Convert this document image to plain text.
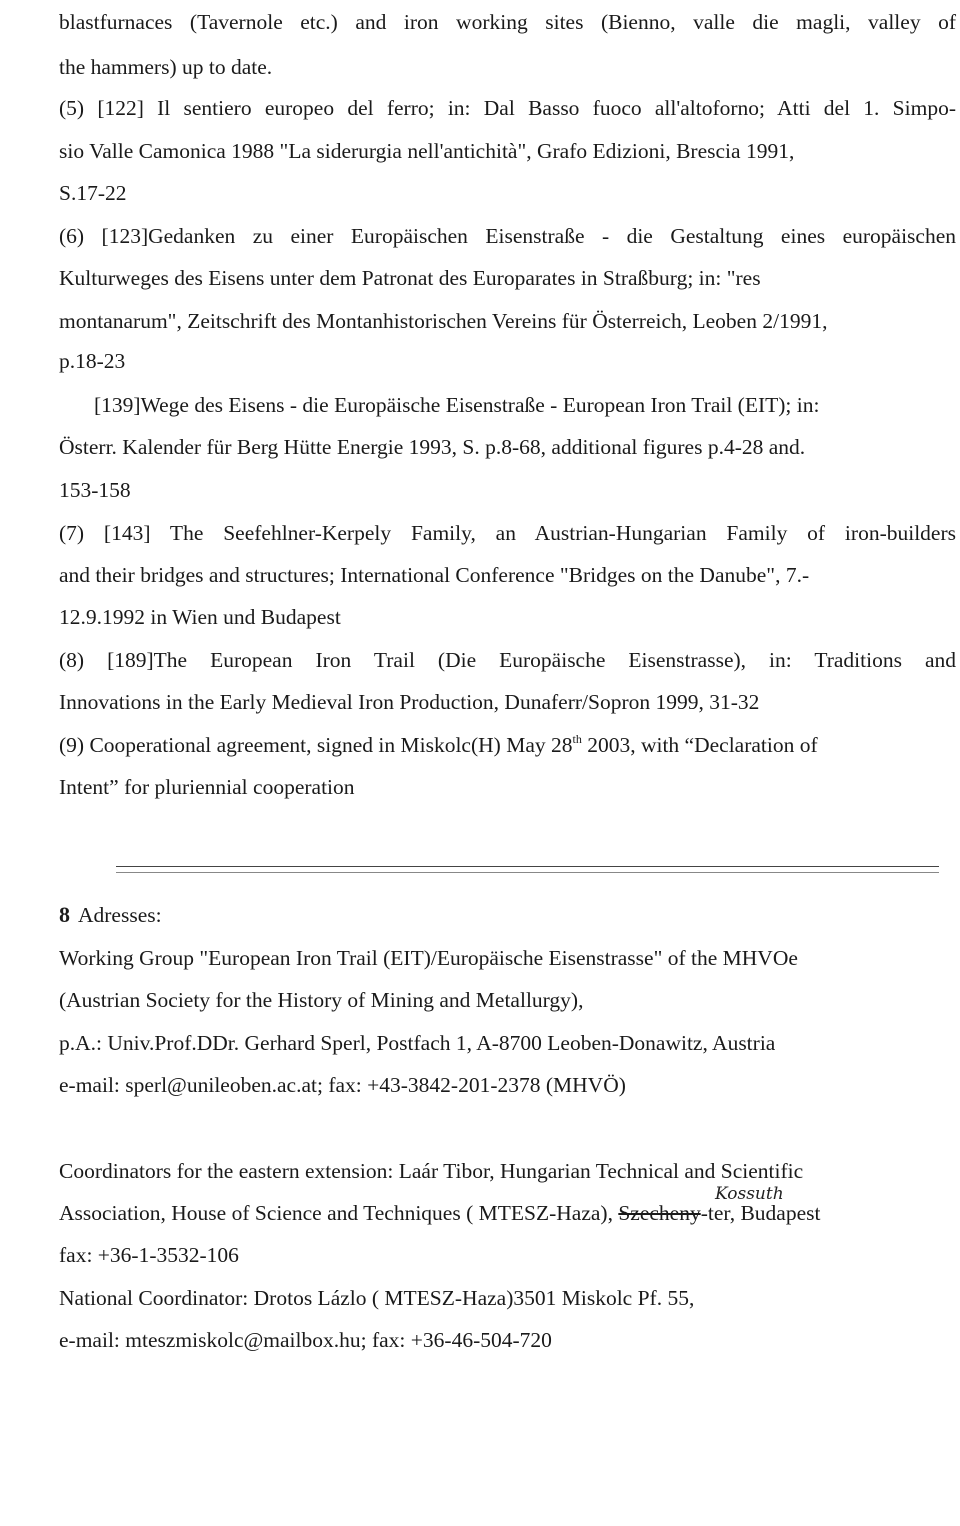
blastfurnaces (Tavernole etc.) and iron working sites (Bienno, valle die magli, valley of
the hammers) up to date.
(5) [122] Il sentiero europeo del ferro; in: Dal Basso fuoco all'altoforno; Atti del 1. Simpo-
sio Valle Camonica 1988 "La siderurgia nell'antichità", Grafo Edizioni, Brescia 1991,
S.17-22
(6) [123]Gedanken zu einer Europäischen Eisenstraße - die Gestaltung eines europäischen
Kulturweges des Eisens unter dem Patronat des Europarates in Straßburg; in: "res
montanarum", Zeitschrift des Montanhistorischen Vereins für Österreich, Leoben 2/1991,
p.18-23
[139]Wege des Eisens - die Europäische Eisenstraße - European Iron Trail (EIT); in:
Österr. Kalender für Berg Hütte Energie 1993, S. p.8-68, additional figures p.4-28 and.
153-158
(7) [143] The Seefehlner-Kerpely Family, an Austrian-Hungarian Family of iron-builders
and their bridges and structures; International Conference "Bridges on the Danube", 7.-
12.9.1992 in Wien und Budapest
(8) [189]The European Iron Trail (Die Europäische Eisenstrasse), in: Traditions and
Innovations in the Early Medieval Iron Production, Dunaferr/Sopron 1999, 31-32
(9) Cooperational agreement, signed in Miskolc(H) May 28th 2003, with “Declaration of
Intent” for pluriennial cooperation
8 Adresses:
Working Group "European Iron Trail (EIT)/Europäische Eisenstrasse" of the MHVOe
(Austrian Society for the History of Mining and Metallurgy),
p.A.: Univ.Prof.DDr. Gerhard Sperl, Postfach 1, A-8700 Leoben-Donawitz, Austria
e-mail: sperl@unileoben.ac.at; fax: +43-3842-201-2378 (MHVÖ)
Coordinators for the eastern extension: Laár Tibor, Hungarian Technical and Scientific
Kossuth
Association, House of Science and Techniques ( MTESZ-Haza), Szecheny-ter, Budapest
fax: +36-1-3532-106
National Coordinator: Drotos Lázlo ( MTESZ-Haza)3501 Miskolc Pf. 55,
e-mail: mteszmiskolc@mailbox.hu; fax: +36-46-504-720
